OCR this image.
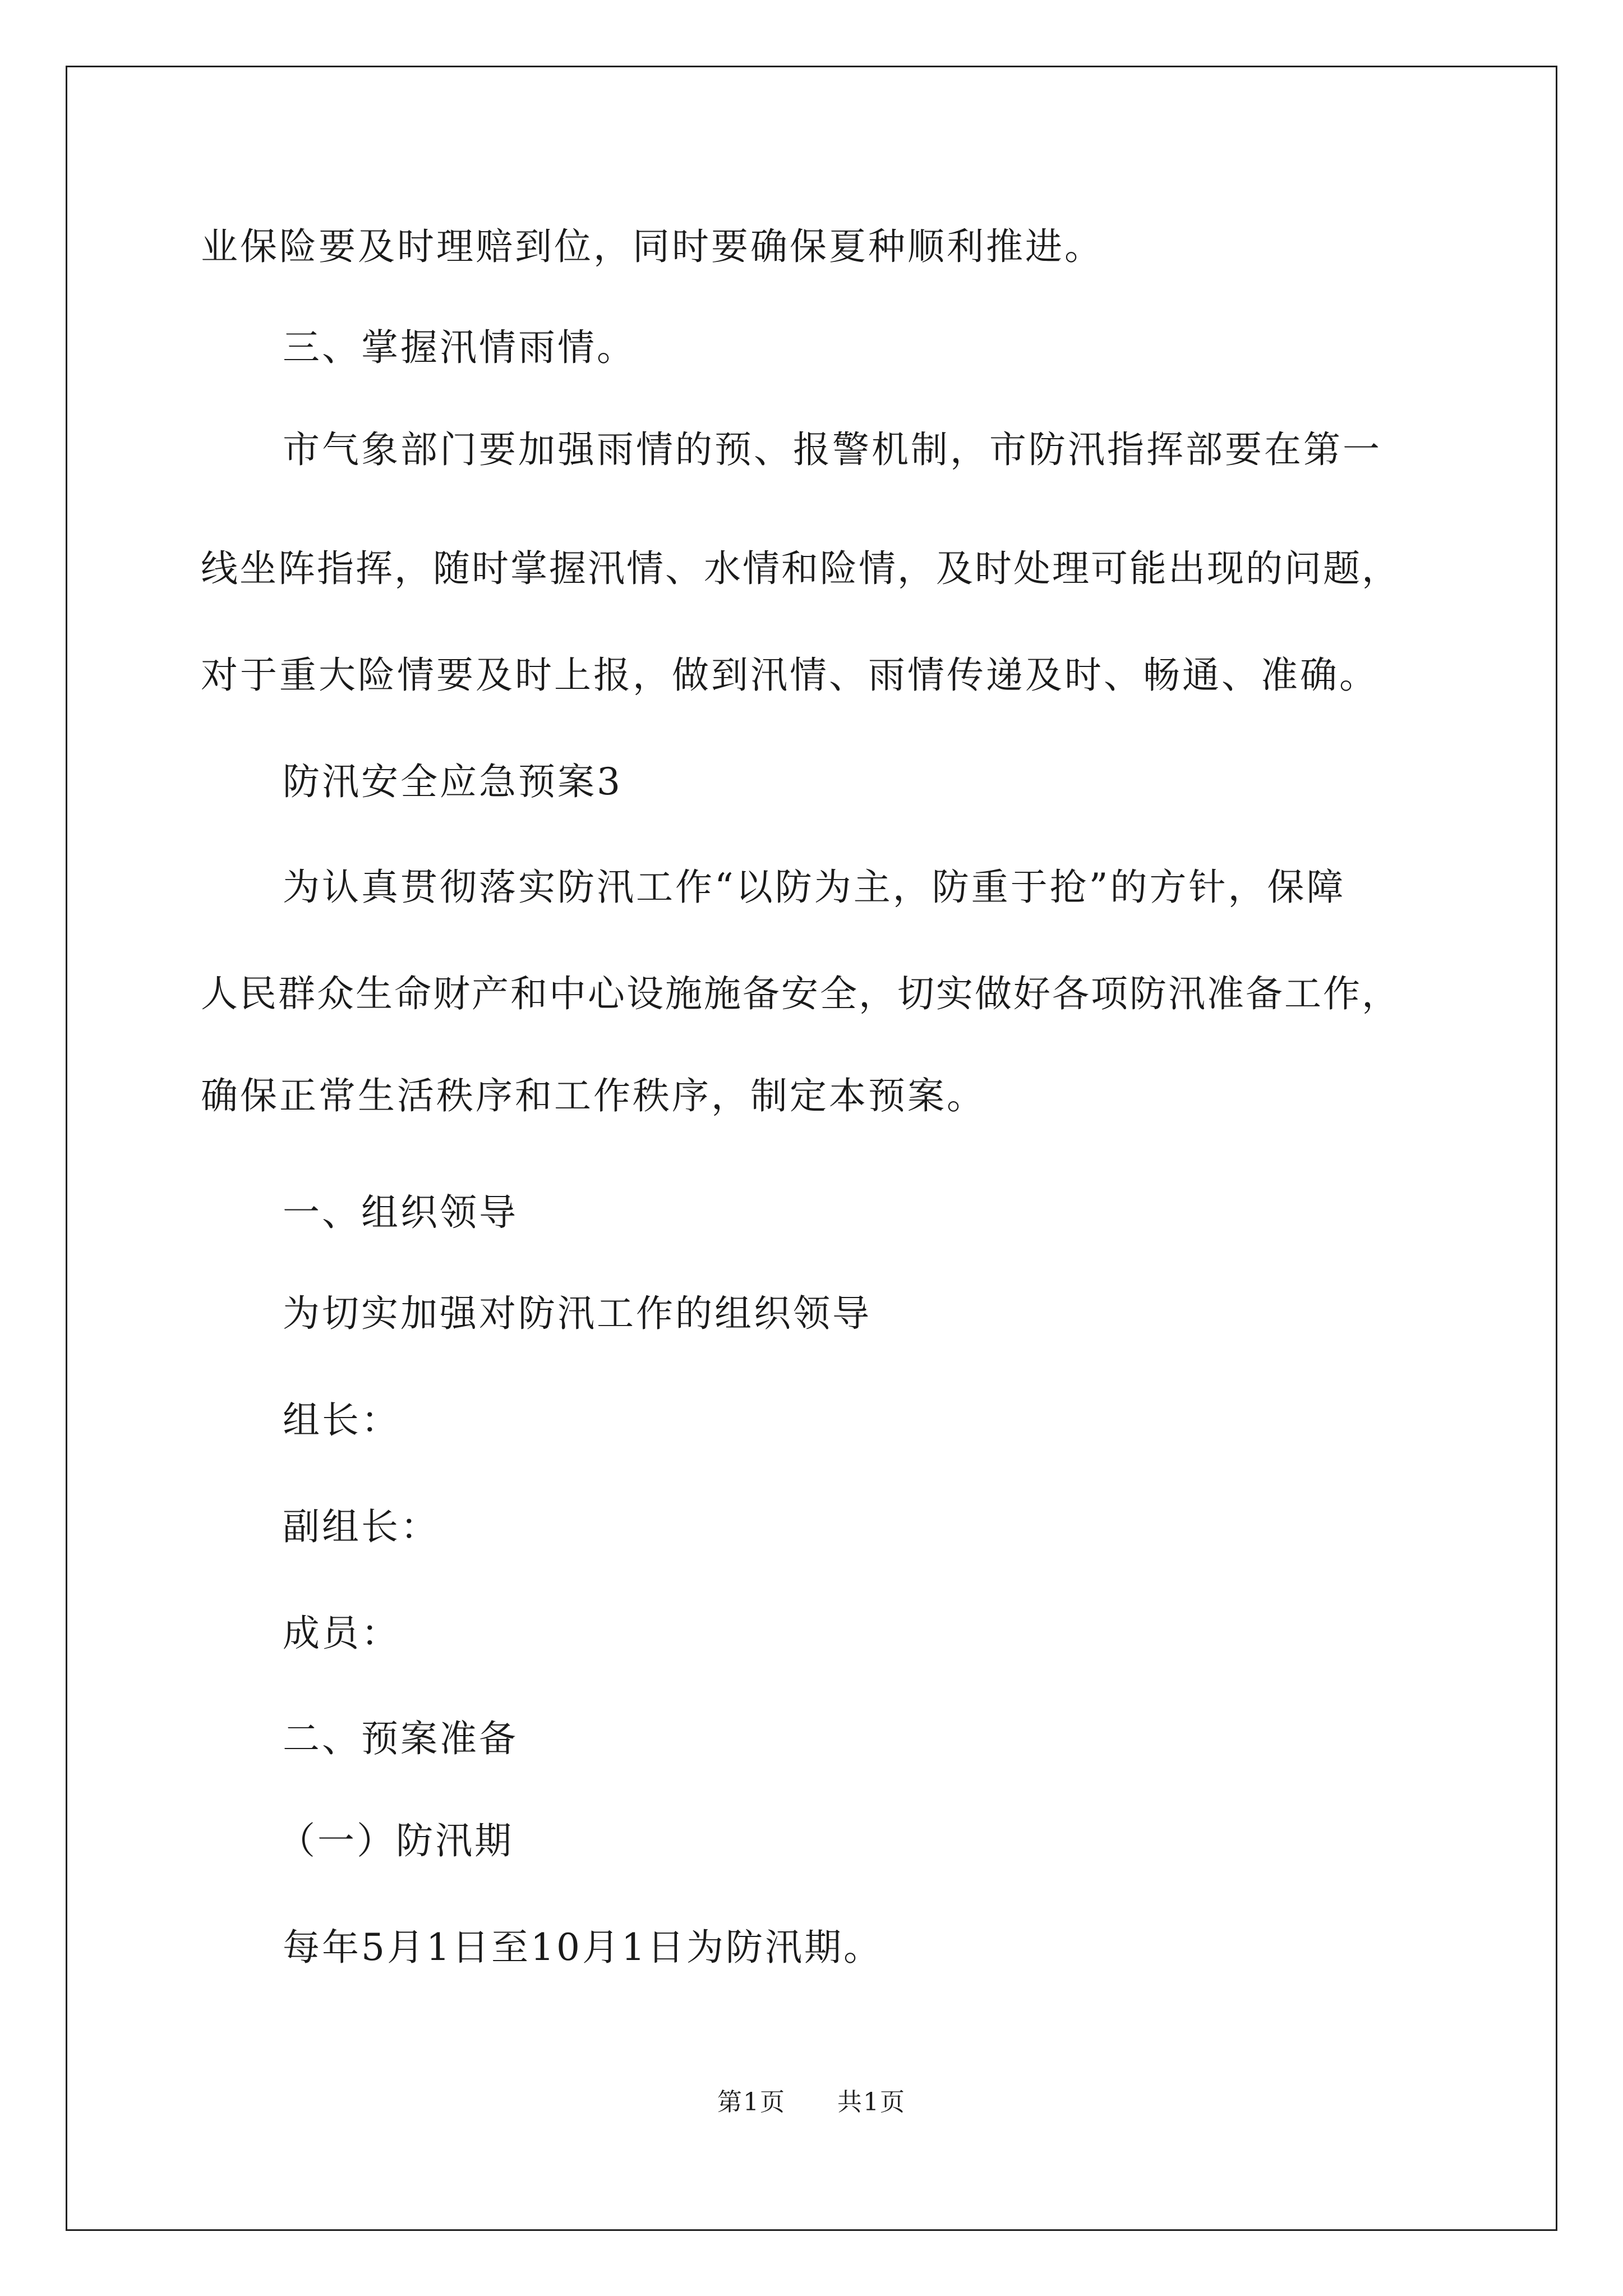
业保险要及时理赔到位，同时要确保夏种顺利推进。
三、掌握汛情雨情。
市气象部门要加强雨情的预、报警机制，市防汛指挥部要在第一
线坐阵指挥，随时掌握汛情、水情和险情，及时处理可能出现的问题，
对于重大险情要及时上报，做到汛情、雨情传递及时、畅通、准确。
防汛安全应急预案3
为认真贯彻落实防汛工作“以防为主，防重于抢”的方针，保障
人民群众生命财产和中心设施施备安全，切实做好各项防汛准备工作，
确保正常生活秩序和工作秩序，制定本预案。
一、组织领导
为切实加强对防汛工作的组织领导
组长：
副组长：
成员：
二、预案准备
（一）防汛期
每年5月1日至10月1日为防汛期。
第1页 共1页
